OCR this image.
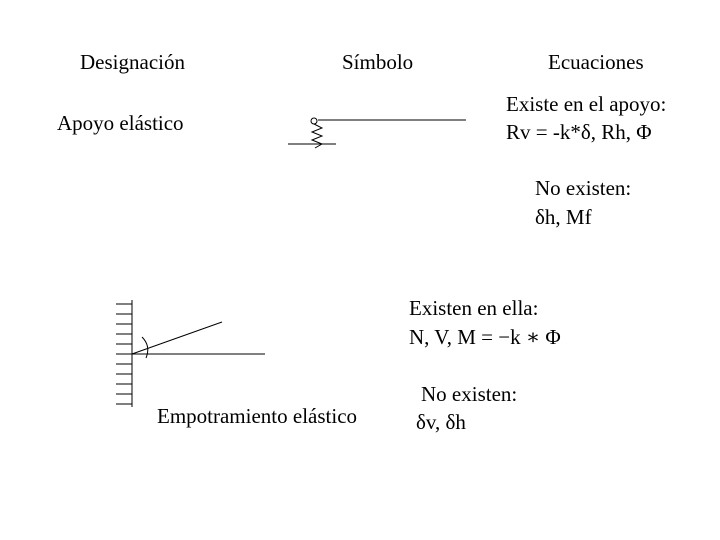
Designación	Símbolo	Ecuaciones
Apoyo elástico
Existe en el apoyo:
Rv = -k*δ, Rh, Φ
No existen:
δh, Mf
Existen en ella:
N, V, M = −k ∗ Φ
No existen:
δv, δh
Empotramiento elástico
